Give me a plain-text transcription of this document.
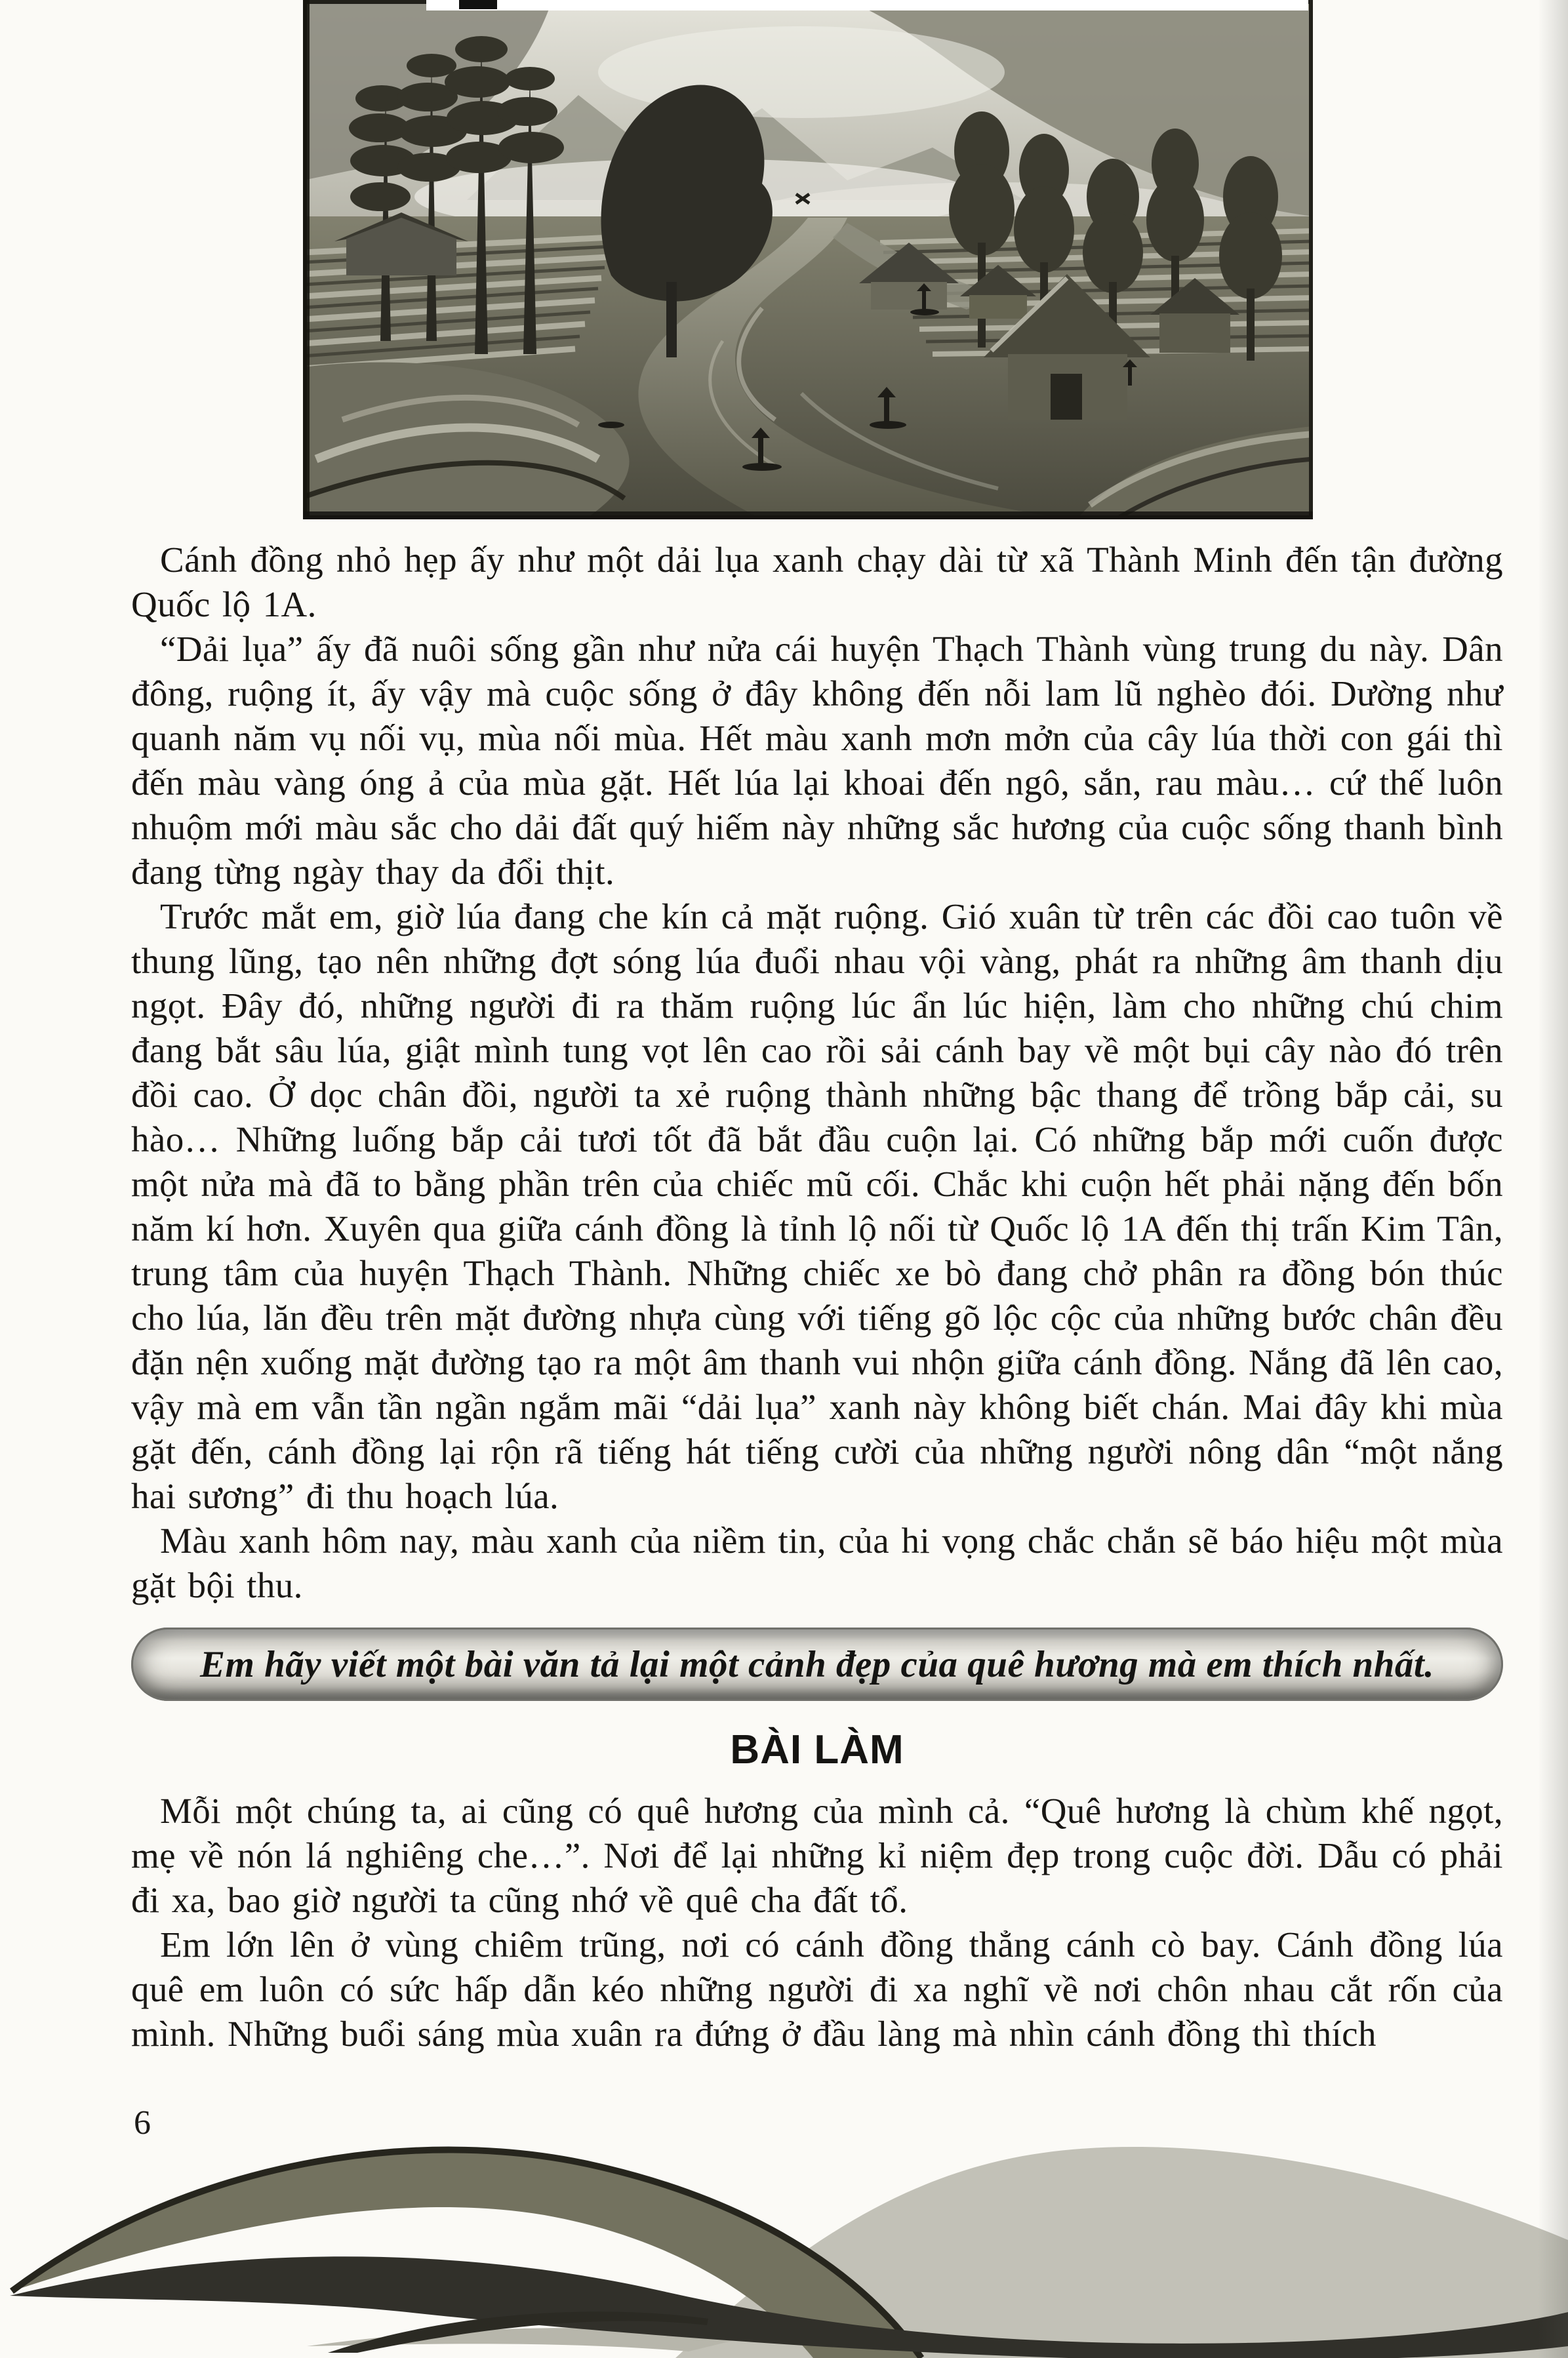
Cánh đồng nhỏ hẹp ấy như một dải lụa xanh chạy dài từ xã Thành Minh đến tận đường Quốc lộ 1A.

“Dải lụa” ấy đã nuôi sống gần như nửa cái huyện Thạch Thành vùng trung du này. Dân đông, ruộng ít, ấy vậy mà cuộc sống ở đây không đến nỗi lam lũ nghèo đói. Dường như quanh năm vụ nối vụ, mùa nối mùa. Hết màu xanh mơn mởn của cây lúa thời con gái thì đến màu vàng óng ả của mùa gặt. Hết lúa lại khoai đến ngô, sắn, rau màu… cứ thế luôn nhuộm mới màu sắc cho dải đất quý hiếm này những sắc hương của cuộc sống thanh bình đang từng ngày thay da đổi thịt.

Trước mắt em, giờ lúa đang che kín cả mặt ruộng. Gió xuân từ trên các đồi cao tuôn về thung lũng, tạo nên những đợt sóng lúa đuổi nhau vội vàng, phát ra những âm thanh dịu ngọt. Đây đó, những người đi ra thăm ruộng lúc ẩn lúc hiện, làm cho những chú chim đang bắt sâu lúa, giật mình tung vọt lên cao rồi sải cánh bay về một bụi cây nào đó trên đồi cao. Ở dọc chân đồi, người ta xẻ ruộng thành những bậc thang để trồng bắp cải, su hào… Những luống bắp cải tươi tốt đã bắt đầu cuộn lại. Có những bắp mới cuốn được một nửa mà đã to bằng phần trên của chiếc mũ cối. Chắc khi cuộn hết phải nặng đến bốn năm kí hơn. Xuyên qua giữa cánh đồng là tỉnh lộ nối từ Quốc lộ 1A đến thị trấn Kim Tân, trung tâm của huyện Thạch Thành. Những chiếc xe bò đang chở phân ra đồng bón thúc cho lúa, lăn đều trên mặt đường nhựa cùng với tiếng gõ lộc cộc của những bước chân đều đặn nện xuống mặt đường tạo ra một âm thanh vui nhộn giữa cánh đồng. Nắng đã lên cao, vậy mà em vẫn tần ngần ngắm mãi “dải lụa” xanh này không biết chán. Mai đây khi mùa gặt đến, cánh đồng lại rộn rã tiếng hát tiếng cười của những người nông dân “một nắng hai sương” đi thu hoạch lúa.

Màu xanh hôm nay, màu xanh của niềm tin, của hi vọng chắc chắn sẽ báo hiệu một mùa gặt bội thu.

Em hãy viết một bài văn tả lại một cảnh đẹp của quê hương mà em thích nhất.
BÀI LÀM

Mỗi một chúng ta, ai cũng có quê hương của mình cả. “Quê hương là chùm khế ngọt, mẹ về nón lá nghiêng che…”. Nơi để lại những kỉ niệm đẹp trong cuộc đời. Dẫu có phải đi xa, bao giờ người ta cũng nhớ về quê cha đất tổ.

Em lớn lên ở vùng chiêm trũng, nơi có cánh đồng thẳng cánh cò bay. Cánh đồng lúa quê em luôn có sức hấp dẫn kéo những người đi xa nghĩ về nơi chôn nhau cắt rốn của mình. Những buổi sáng mùa xuân ra đứng ở đầu làng mà nhìn cánh đồng thì thích

6
